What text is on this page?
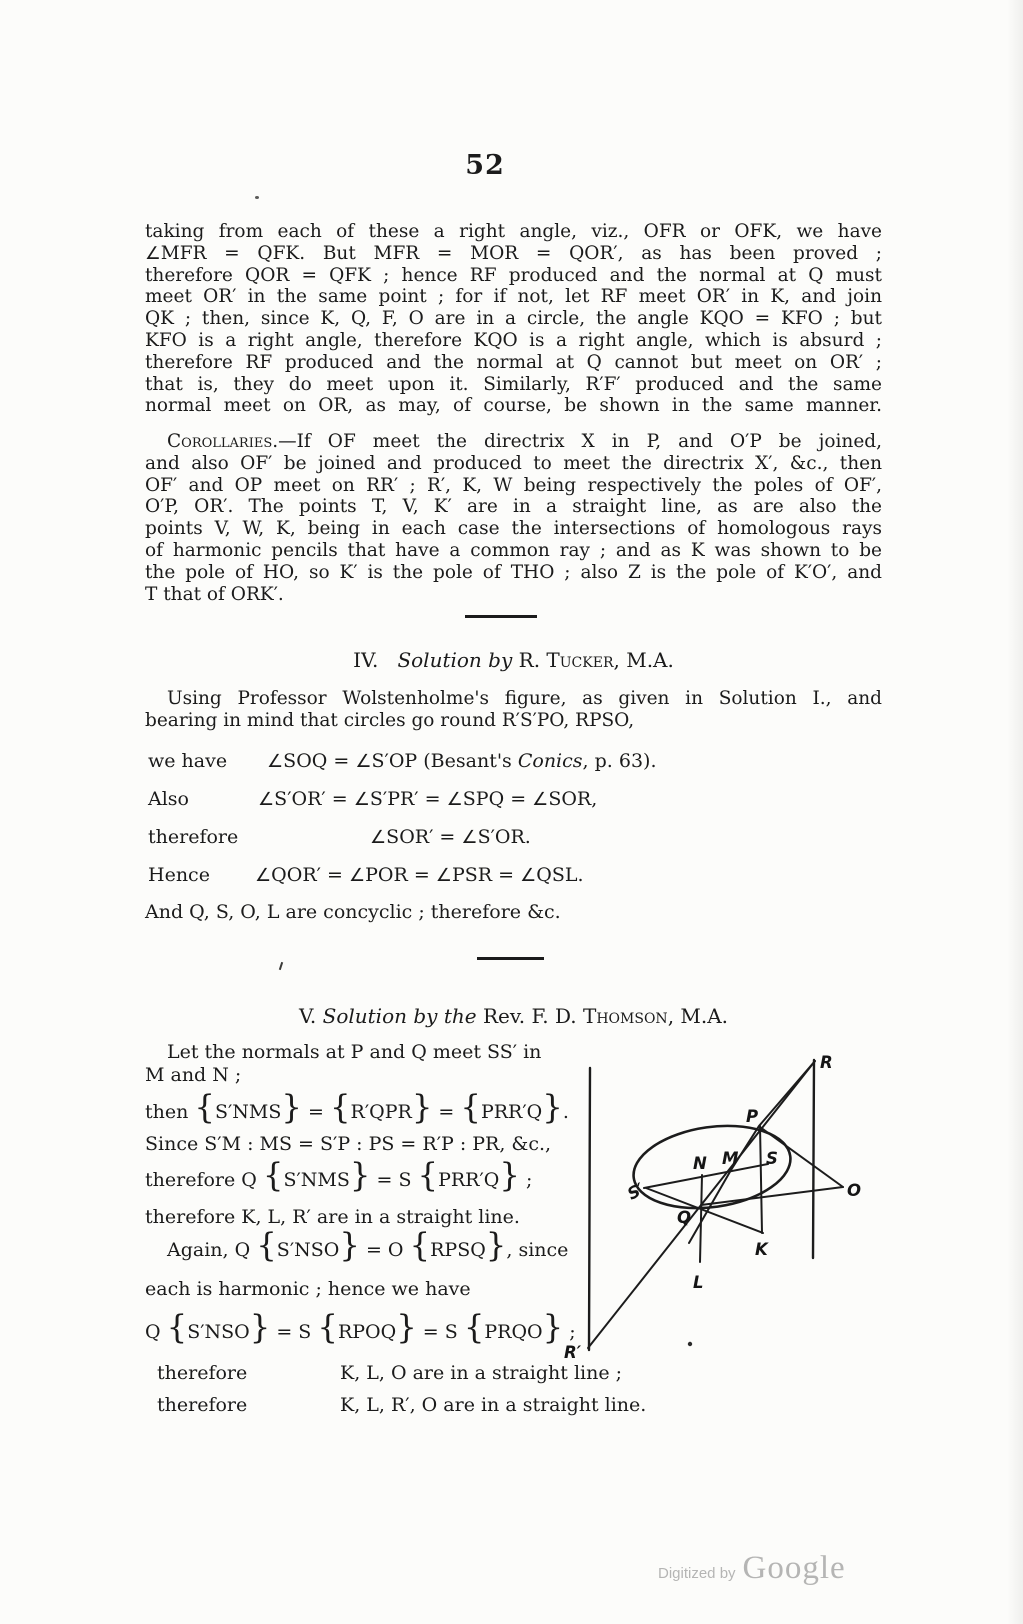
52
taking from each of these a right angle, viz., OFR or OFK, we have
∠MFR = QFK. But MFR = MOR = QOR′, as has been proved ;
therefore QOR = QFK ; hence RF produced and the normal at Q must
meet OR′ in the same point ; for if not, let RF meet OR′ in K, and join
QK ; then, since K, Q, F, O are in a circle, the angle KQO = KFO ; but
KFO is a right angle, therefore KQO is a right angle, which is absurd ;
therefore RF produced and the normal at Q cannot but meet on OR′ ;
that is, they do meet upon it. Similarly, R′F′ produced and the same
normal meet on OR, as may, of course, be shown in the same manner.
Corollaries.—If OF meet the directrix X in P, and O′P be joined,
and also OF′ be joined and produced to meet the directrix X′, &c., then
OF′ and OP meet on RR′ ; R′, K, W being respectively the poles of OF′,
O′P, OR′. The points T, V, K′ are in a straight line, as are also the
points V, W, K, being in each case the intersections of homologous rays
of harmonic pencils that have a common ray ; and as K was shown to be
the pole of HO, so K′ is the pole of THO ; also Z is the pole of K′O′, and
T that of ORK′.
IV. Solution by R. Tucker, M.A.
Using Professor Wolstenholme's figure, as given in Solution I., and
bearing in mind that circles go round R′S′PO, RPSO,
we have ∠SOQ = ∠S′OP (Besant's Conics, p. 63).
Also	∠S′OR′ = ∠S′PR′ = ∠SPQ = ∠SOR,
therefore	∠SOR′ = ∠S′OR.
Hence ∠QOR′ = ∠POR = ∠PSR = ∠QSL.
And Q, S, O, L are concyclic ; therefore &c.
V. Solution by the Rev. F. D. Thomson, M.A.
Let the normals at P and Q meet SS′ in
M and N ;
then {S′NMS} = {R′QPR} = {PRR′Q}.
Since S′M : MS = S′P : PS = R′P : PR, &c.,
therefore Q {S′NMS} = S {PRR′Q} ;
therefore K, L, R′ are in a straight line.
Again, Q {S′NSO} = O {RPSQ}, since
each is harmonic ; hence we have
Q {S′NSO} = S {RPOQ} = S {PRQO} ;
therefore	K, L, O are in a straight line ;
therefore	K, L, R′, O are in a straight line.
R
P
N M S
S′	O
Q
K
L
R′
Digitized by Google
